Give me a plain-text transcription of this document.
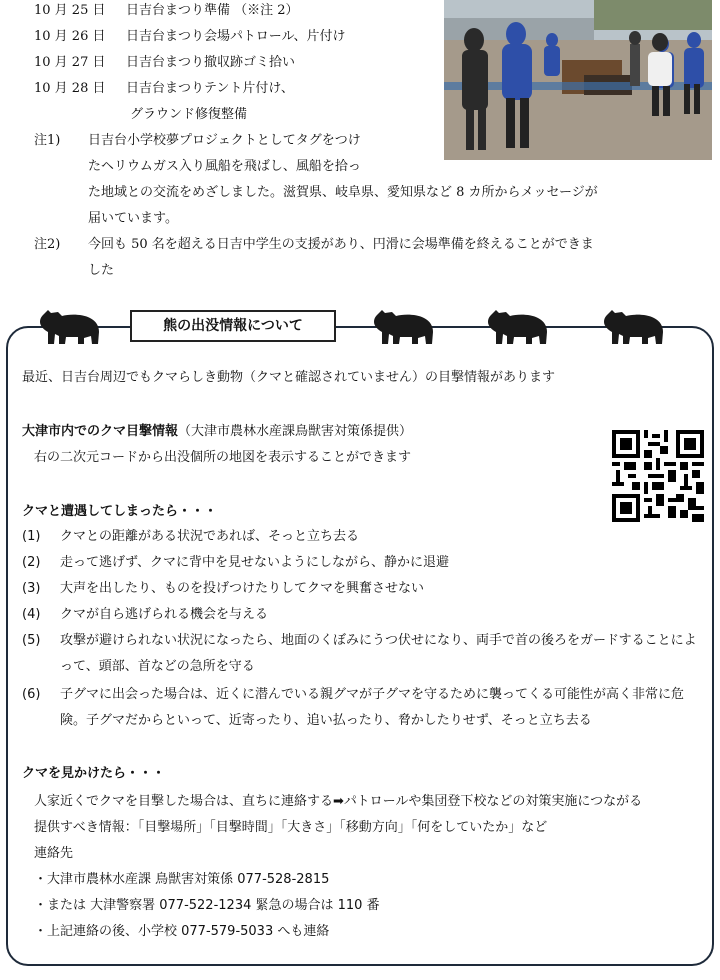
10 月 25 日 日吉台まつり準備 （※注 2）
10 月 26 日 日吉台まつり会場パトロール、片付け
10 月 27 日 日吉台まつり撤収跡ゴミ拾い
10 月 28 日 日吉台まつりテント片付け、
グラウンド修復整備
注1) 日吉台小学校夢プロジェクトとしてタグをつけ
たヘリウムガス入り風船を飛ばし、風船を拾っ
た地域との交流をめざしました。滋賀県、岐阜県、愛知県など 8 カ所からメッセージが
届いています。
注2) 今回も 50 名を超える日吉中学生の支援があり、円滑に会場準備を終えることができま
した
熊の出没情報について
最近、日吉台周辺でもクマらしき動物（クマと確認されていません）の目撃情報があります
大津市内でのクマ目撃情報（大津市農林水産課鳥獣害対策係提供）
右の二次元コードから出没個所の地図を表示することができます
クマと遭遇してしまったら・・・
(1)	クマとの距離がある状況であれば、そっと立ち去る
(2)	走って逃げず、クマに背中を見せないようにしながら、静かに退避
(3)	大声を出したり、ものを投げつけたりしてクマを興奮させない
(4)	クマが自ら逃げられる機会を与える
(5)	攻撃が避けられない状況になったら、地面のくぼみにうつ伏せになり、両手で首の後ろをガードすることによ
って、頭部、首などの急所を守る
(6)	子グマに出会った場合は、近くに潜んでいる親グマが子グマを守るために襲ってくる可能性が高く非常に危
険。子グマだからといって、近寄ったり、追い払ったり、脅かしたりせず、そっと立ち去る
クマを見かけたら・・・
人家近くでクマを目撃した場合は、直ちに連絡する➡パトロールや集団登下校などの対策実施につながる
提供すべき情報：「目撃場所」「目撃時間」「大きさ」「移動方向」「何をしていたか」など
連絡先
・大津市農林水産課 鳥獣害対策係 077-528-2815
・または 大津警察署 077-522-1234 緊急の場合は 110 番
・上記連絡の後、小学校 077-579-5033 へも連絡
